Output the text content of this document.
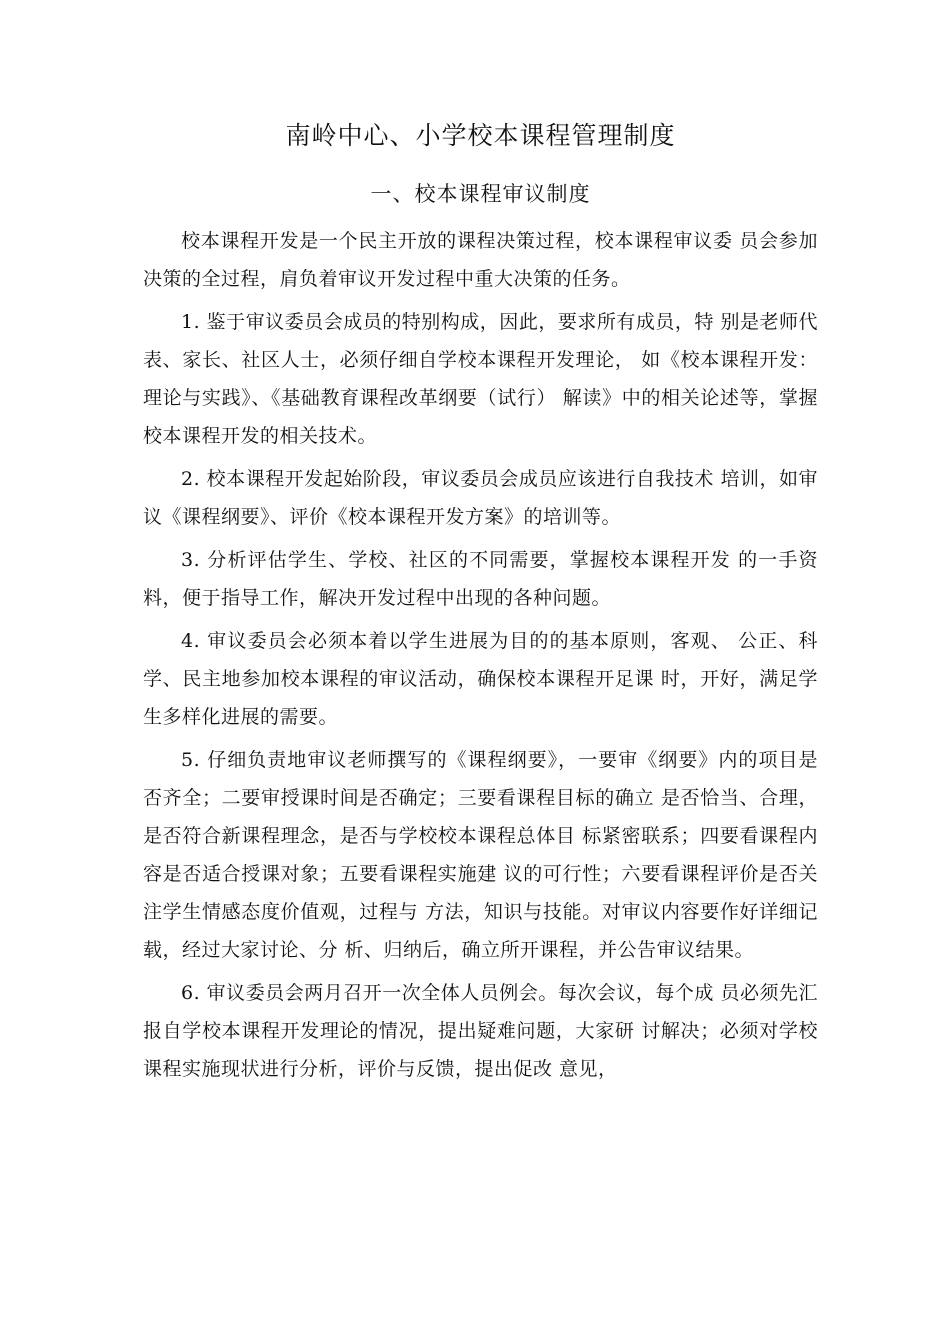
南岭中心、小学校本课程管理制度
一、校本课程审议制度

校本课程开发是一个民主开放的课程决策过程，校本课程审议委 员会参加决策的全过程，肩负着审议开发过程中重大决策的任务。

1. 鉴于审议委员会成员的特别构成，因此，要求所有成员，特 别是老师代表、家长、社区人士，必须仔细自学校本课程开发理论， 如《校本课程开发：理论与实践》、《基础教育课程改革纲要（试行） 解读》中的相关论述等，掌握校本课程开发的相关技术。

2. 校本课程开发起始阶段，审议委员会成员应该进行自我技术 培训，如审议《课程纲要》、评价《校本课程开发方案》的培训等。

3. 分析评估学生、学校、社区的不同需要，掌握校本课程开发 的一手资料，便于指导工作，解决开发过程中出现的各种问题。

4. 审议委员会必须本着以学生进展为目的的基本原则，客观、 公正、科学、民主地参加校本课程的审议活动，确保校本课程开足课 时，开好，满足学生多样化进展的需要。

5. 仔细负责地审议老师撰写的《课程纲要》，一要审《纲要》内的项目是否齐全；二要审授课时间是否确定；三要看课程目标的确立 是否恰当、合理，是否符合新课程理念，是否与学校校本课程总体目 标紧密联系；四要看课程内容是否适合授课对象；五要看课程实施建 议的可行性；六要看课程评价是否关注学生情感态度价值观，过程与 方法，知识与技能。对审议内容要作好详细记载，经过大家讨论、分 析、归纳后，确立所开课程，并公告审议结果。

6. 审议委员会两月召开一次全体人员例会。每次会议，每个成 员必须先汇报自学校本课程开发理论的情况，提出疑难问题，大家研 讨解决；必须对学校课程实施现状进行分析，评价与反馈，提出促改 意见，
